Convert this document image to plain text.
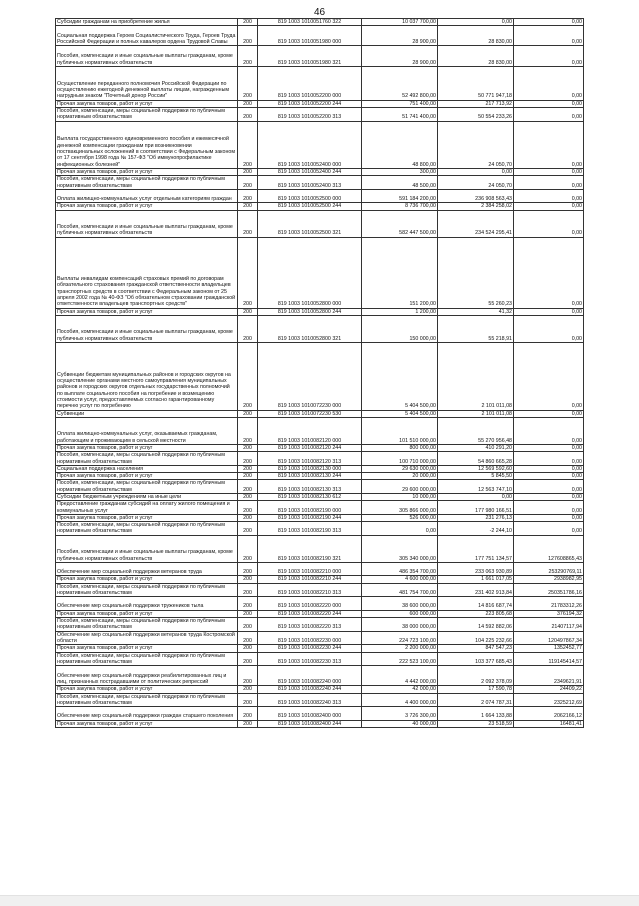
46
Субсидии гражданам на приобретение жилья	200	819 1003 1010051760 322	10 037 700,00	0,00	0,00
Социальная поддержка Героев Социалистического Труда, Героев Труда Российской Федерации и полных кавалеров ордена Трудовой Славы	200	819 1003 1010051980 000	28 900,00	28 830,00	0,00
Пособия, компенсации и иные социальные выплаты гражданам, кроме публичных нормативных обязательств	200	819 1003 1010051980 321	28 900,00	28 830,00	0,00
Осуществление переданного полномочия Российской Федерации по осуществлению ежегодной денежной выплаты лицам, награжденным нагрудным знаком "Почетный донор России"	200	819 1003 1010052200 000	52 492 800,00	50 771 947,18	0,00
Прочая закупка товаров, работ и услуг	200	819 1003 1010052200 244	751 400,00	217 713,92	0,00
Пособия, компенсации, меры социальной поддержки по публичным нормативным обязательствам	200	819 1003 1010052200 313	51 741 400,00	50 554 233,26	0,00
Выплата государственного единовременного пособия и ежемесячной денежной компенсации гражданам при возникновении поствакцинальных осложнений в соответствии с Федеральным законом от 17 сентября 1998 года № 157-ФЗ "Об иммунопрофилактике инфекционных болезней"	200	819 1003 1010052400 000	48 800,00	24 050,70	0,00
Прочая закупка товаров, работ и услуг	200	819 1003 1010052400 244	300,00	0,00	0,00
Пособия, компенсации, меры социальной поддержки по публичным нормативным обязательствам	200	819 1003 1010052400 313	48 500,00	24 050,70	0,00
Оплата жилищно-коммунальных услуг отдельным категориям граждан	200	819 1003 1010052500 000	591 184 200,00	236 908 563,43	0,00
Прочая закупка товаров, работ и услуг	200	819 1003 1010052500 244	8 736 700,00	2 384 258,02	0,00
Пособия, компенсации и иные социальные выплаты гражданам, кроме публичных нормативных обязательств	200	819 1003 1010052500 321	582 447 500,00	234 524 295,41	0,00
Выплаты инвалидам компенсаций страховых премий по договорам обязательного страхования гражданской ответственности владельцев транспортных средств в соответствии с Федеральным законом от 25 апреля 2002 года № 40-ФЗ "Об обязательном страховании гражданской ответственности владельцев транспортных средств"	200	819 1003 1010052800 000	151 200,00	55 260,23	0,00
Прочая закупка товаров, работ и услуг	200	819 1003 1010052800 244	1 200,00	41,32	0,00
Пособия, компенсации и иные социальные выплаты гражданам, кроме публичных нормативных обязательств	200	819 1003 1010052800 321	150 000,00	55 218,91	0,00
Субвенции бюджетам муниципальных районов и городских округов на осуществление органами местного самоуправления муниципальных районов и городских округов отдельных государственных полномочий по выплате социального пособия на погребение и возмещению стоимости услуг, предоставляемых согласно гарантированному перечню услуг по погребению	200	819 1003 1010072230 000	5 404 500,00	2 101 011,08	0,00
Субвенции	200	819 1003 1010072230 530	5 404 500,00	2 101 011,08	0,00
Оплата жилищно-коммунальных услуг, оказываемых гражданам, работающим и проживающим в сельской местности	200	819 1003 1010082120 000	101 510 000,00	55 270 956,48	0,00
Прочая закупка товаров, работ и услуг	200	819 1003 1010082120 244	800 000,00	410 291,20	0,00
Пособия, компенсации, меры социальной поддержки по публичным нормативным обязательствам	200	819 1003 1010082120 313	100 710 000,00	54 860 665,28	0,00
Социальная поддержка населения	200	819 1003 1010082130 000	29 630 000,00	12 569 592,60	0,00
Прочая закупка товаров, работ и услуг	200	819 1003 1010082130 244	20 000,00	5 845,50	0,00
Пособия, компенсации, меры социальной поддержки по публичным нормативным обязательствам	200	819 1003 1010082130 313	29 600 000,00	12 563 747,10	0,00
Субсидии бюджетным учреждениям на иные цели	200	819 1003 1010082130 612	10 000,00	0,00	0,00
Предоставление гражданам субсидий на оплату жилого помещения и коммунальных услуг	200	819 1003 1010082190 000	305 866 000,00	177 980 166,51	0,00
Прочая закупка товаров, работ и услуг	200	819 1003 1010082190 244	526 000,00	231 276,13	0,00
Пособия, компенсации, меры социальной поддержки по публичным нормативным обязательствам	200	819 1003 1010082190 313	0,00	-2 244,10	0,00
Пособия, компенсации и иные социальные выплаты гражданам, кроме публичных нормативных обязательств	200	819 1003 1010082190 321	305 340 000,00	177 751 134,57	127608865,43
Обеспечение мер социальной поддержки ветеранов труда	200	819 1003 1010082210 000	486 354 700,00	233 063 930,89	253290769,11
Прочая закупка товаров, работ и услуг	200	819 1003 1010082210 244	4 600 000,00	1 661 017,05	2938982,95
Пособия, компенсации, меры социальной поддержки по публичным нормативным обязательствам	200	819 1003 1010082210 313	481 754 700,00	231 402 913,84	250351786,16
Обеспечение мер социальной поддержки тружеников тыла	200	819 1003 1010082220 000	38 600 000,00	14 816 687,74	21783312,26
Прочая закупка товаров, работ и услуг	200	819 1003 1010082220 244	600 000,00	223 805,68	376194,32
Пособия, компенсации, меры социальной поддержки по публичным нормативным обязательствам	200	819 1003 1010082220 313	38 000 000,00	14 592 882,06	21407117,94
Обеспечение мер социальной поддержки ветеранов труда Костромской области	200	819 1003 1010082230 000	224 723 100,00	104 225 232,66	120497867,34
Прочая закупка товаров, работ и услуг	200	819 1003 1010082230 244	2 200 000,00	847 547,23	1352452,77
Пособия, компенсации, меры социальной поддержки по публичным нормативным обязательствам	200	819 1003 1010082230 313	222 523 100,00	103 377 685,43	119145414,57
Обеспечение мер социальной поддержки реабилитированных лиц и лиц, признанных пострадавшими от политических репрессий	200	819 1003 1010082240 000	4 442 000,00	2 092 378,09	2349621,91
Прочая закупка товаров, работ и услуг	200	819 1003 1010082240 244	42 000,00	17 590,78	24409,22
Пособия, компенсации, меры социальной поддержки по публичным нормативным обязательствам	200	819 1003 1010082240 313	4 400 000,00	2 074 787,31	2325212,69
Обеспечение мер социальной поддержки граждан старшего поколения	200	819 1003 1010082400 000	3 726 300,00	1 664 133,88	2062166,12
Прочая закупка товаров, работ и услуг	200	819 1003 1010082400 244	40 000,00	23 518,59	16481,41
